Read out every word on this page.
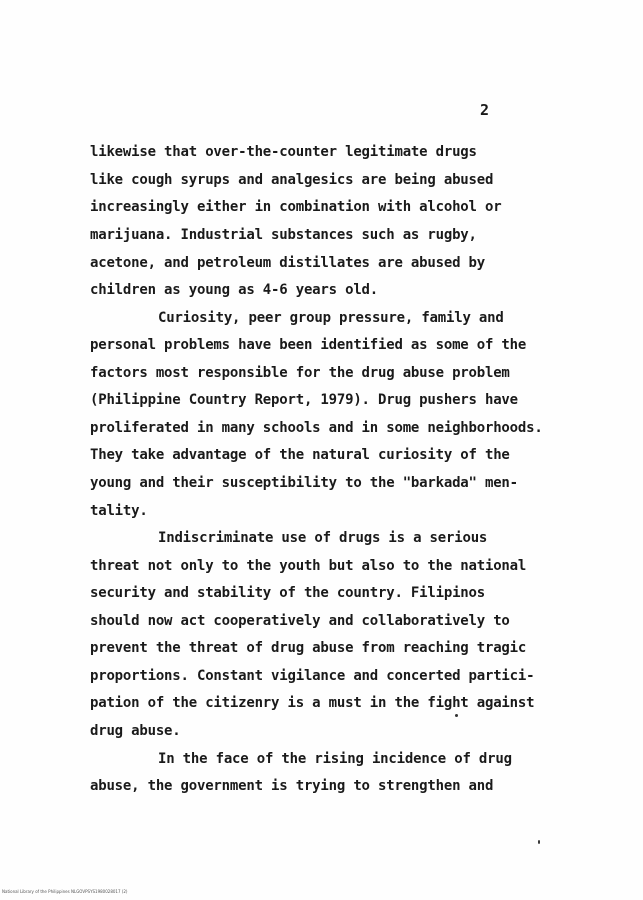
2

likewise that over-the-counter legitimate drugs

like cough syrups and analgesics are being abused

increasingly either in combination with alcohol or

marijuana. Industrial substances such as rugby,

acetone, and petroleum distillates are abused by

children as young as 4-6 years old.

Curiosity, peer group pressure, family and

personal problems have been identified as some of the

factors most responsible for the drug abuse problem

(Philippine Country Report, 1979). Drug pushers have

proliferated in many schools and in some neighborhoods.

They take advantage of the natural curiosity of the

young and their susceptibility to the "barkada" men-

tality.

Indiscriminate use of drugs is a serious

threat not only to the youth but also to the national

security and stability of the country. Filipinos

should now act cooperatively and collaboratively to

prevent the threat of drug abuse from reaching tragic

proportions. Constant vigilance and concerted partici-

pation of the citizenry is a must in the fight against

drug abuse.

In the face of the rising incidence of drug

abuse, the government is trying to strengthen and

National Library of the Philippines NLGOVPSYS1980028017 (2)
